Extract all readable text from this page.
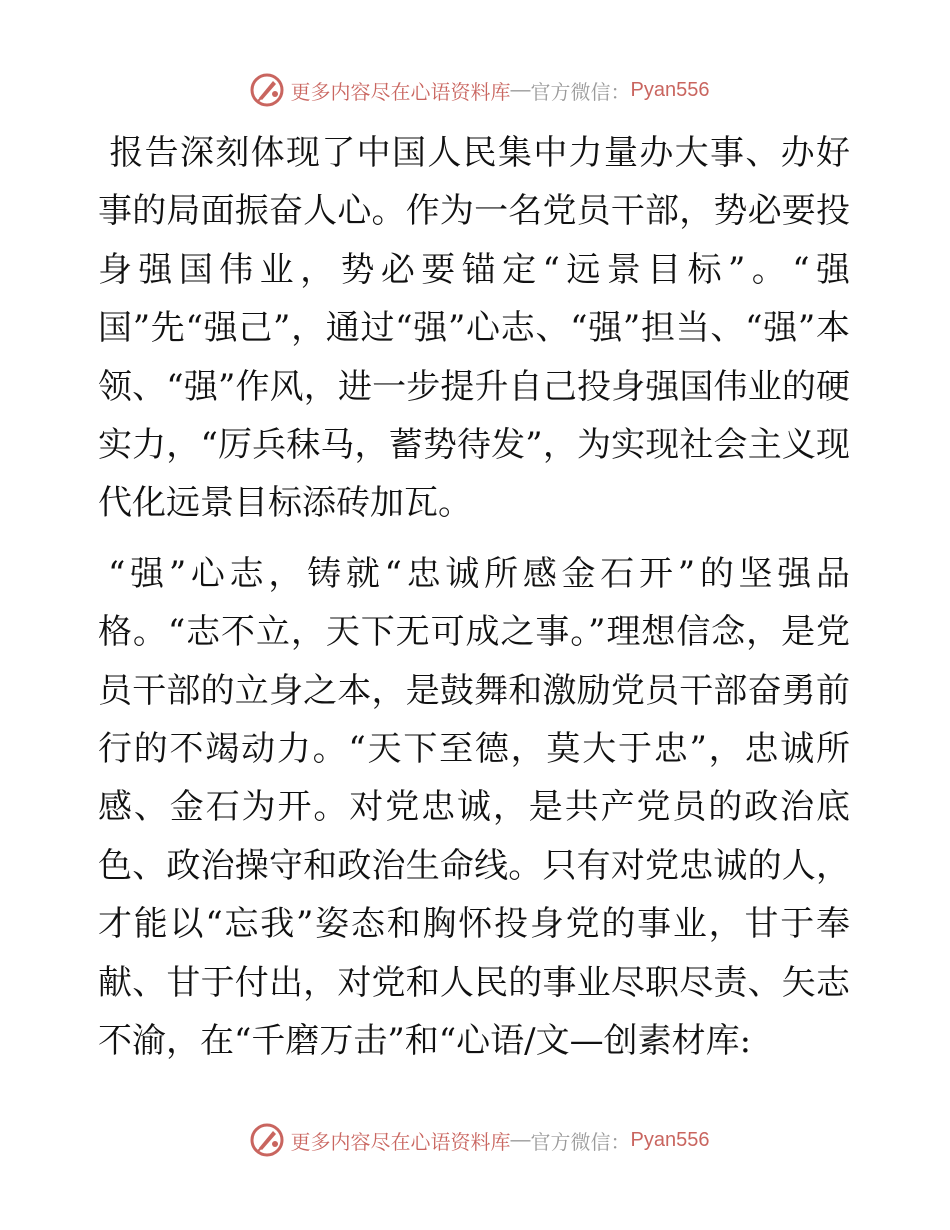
更多内容尽在心语资料库 — 官方微信： Pyan556

报告深刻体现了中国人民集中力量办大事、办好事的局面振奋人心。作为一名党员干部，势必要投身强国伟业，势必要锚定“远景目标”。“强国”先“强己”，通过“强”心志、“强”担当、“强”本领、“强”作风，进一步提升自己投身强国伟业的硬实力，“厉兵秣马，蓄势待发”，为实现社会主义现代化远景目标添砖加瓦。

“强”心志，铸就“忠诚所感金石开”的坚强品格。“志不立，天下无可成之事。”理想信念，是党员干部的立身之本，是鼓舞和激励党员干部奋勇前行的不竭动力。“天下至德，莫大于忠”，忠诚所感、金石为开。对党忠诚，是共产党员的政治底色、政治操守和政治生命线。只有对党忠诚的人，才能以“忘我”姿态和胸怀投身党的事业，甘于奉献、甘于付出，对党和人民的事业尽职尽责、矢志不渝，在“千磨万击”和“心语/文—创素材库:

更多内容尽在心语资料库 — 官方微信： Pyan556
